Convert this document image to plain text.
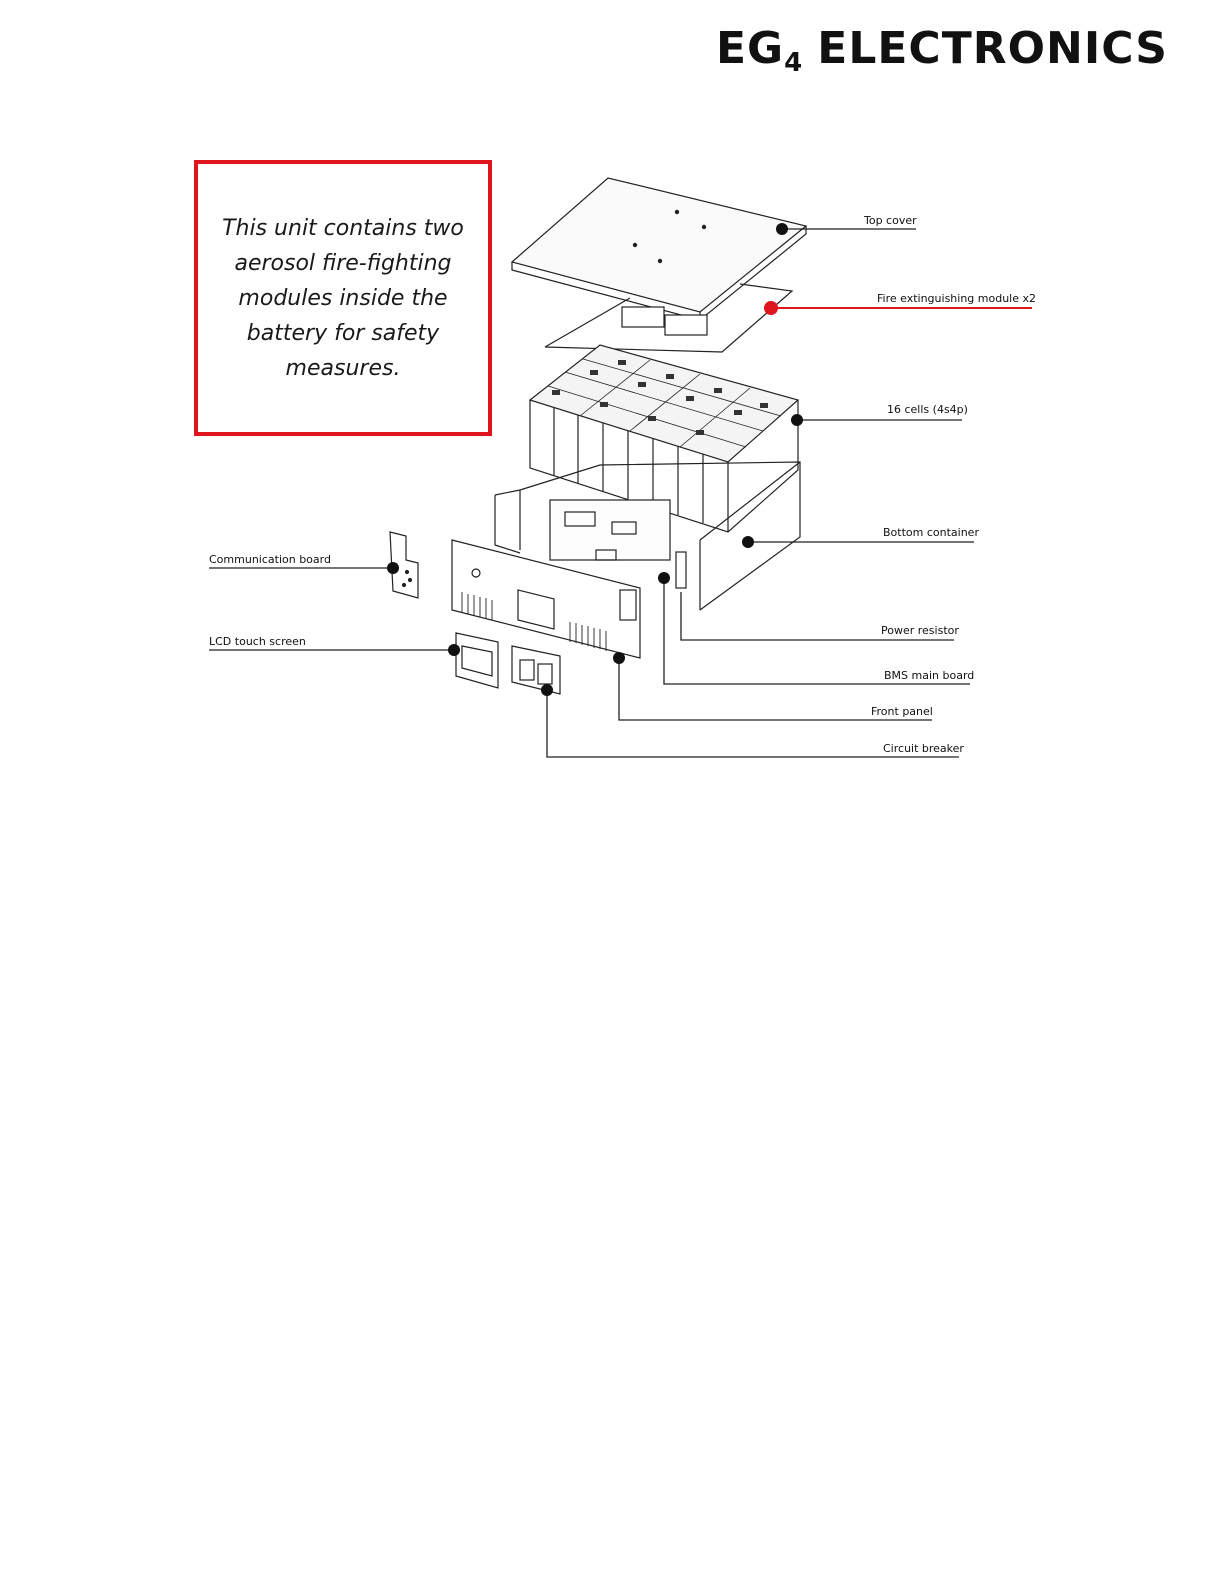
$EG_4$ ELECTRONICS

This unit contains two aerosol fire-fighting modules inside the battery for safety measures.

Top cover
Fire extinguishing module x2
16 cells (4s4p)
Bottom container
Communication board
LCD touch screen
Power resistor
BMS main board
Front panel
Circuit breaker
